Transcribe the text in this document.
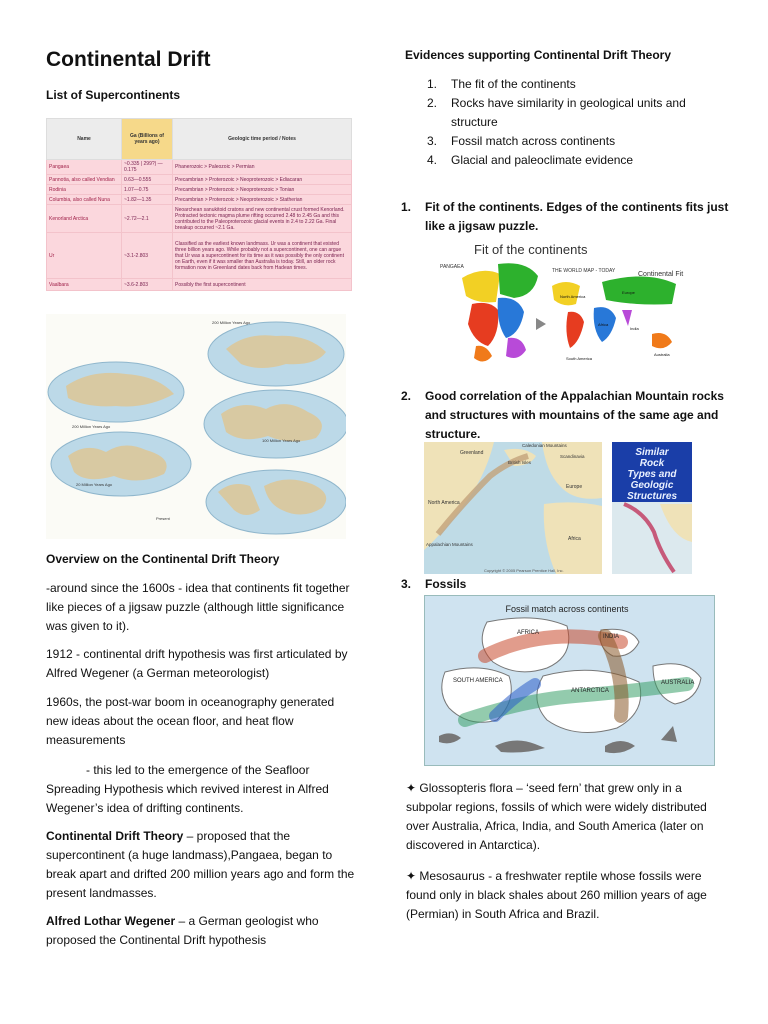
Continental Drift
List of Supercontinents
Name	Ga (Billions of years ago)	Geologic time period / Notes
Pangaea	~0.335 | 299?) —0.175	Phanerozoic > Paleozoic > Permian
Pannotia, also called Vendian	0.63—0.555	Precambrian > Proterozoic > Neoproterozoic > Ediacaran
Rodinia	1.07—0.75	Precambrian > Proterozoic > Neoproterozoic > Tonian
Columbia, also called Nuna	~1.82—1.35	Precambrian > Proterozoic > Neoproterozoic > Statherian
Kenorland Arctica	~2.72—2.1	Neoarchean sanukitoid cratons and new continental crust formed Kenorland. Protracted tectonic magma plume rifting occurred 2.48 to 2.45 Ga and this contributed to the Paleoproterozoic glacial events in 2.4 to 2.22 Ga. Final breakup occurred ~2.1 Ga.
Ur	~3.1-2.803	Classified as the earliest known landmass. Ur was a continent that existed three billion years ago. While probably not a supercontinent, one can argue that Ur was a supercontinent for its time as it was possibly the only continent on Earth, even if it was smaller than Australia is today. Still, an older rock formation now in Greenland dates back from Hadean times.
Vaalbara	~3.6-2.803	Possibly the first supercontinent
200 Million Years Ago
200 Million Years Ago
100 Million Years Ago
20 Million Years Ago
Present
Overview on the Continental Drift Theory

-around since the 1600s - idea that continents fit together like pieces of a jigsaw puzzle (although little significance was given to it).

1912 - continental drift hypothesis was first articulated by Alfred Wegener (a German meteorologist)

1960s, the post-war boom in oceanography generated new ideas about the ocean floor, and heat flow measurements

- this led to the emergence of the Seafloor Spreading Hypothesis which revived interest in Alfred Wegener’s idea of drifting continents.

Continental Drift Theory – proposed that the supercontinent (a huge landmass),Pangaea, began to break apart and drifted 200 million years ago and form the present landmasses.

Alfred Lothar Wegener – a German geologist who proposed the Continental Drift hypothesis

Evidences supporting Continental Drift Theory
1. The fit of the continents
2. Rocks have similarity in geological units and structure
3. Fossil match across continents
4. Glacial and paleoclimate evidence
1.	Fit of the continents. Edges of the continents fits just like a jigsaw puzzle.
Fit of the continents
PANGAEA
THE WORLD MAP - TODAY	Continental Fit
North America
Europe
Africa
India
South America
Australia
2.	Good correlation of the Appalachian Mountain rocks and structures with mountains of the same age and structure.
Caledonian Mountains
Greenland
British Isles
Scandinavia
Europe
North America
Africa
Appalachian Mountains
Copyright © 2005 Pearson Prentice Hall, Inc.
Similar
Rock
Types and
Geologic
Structures
3.	Fossils
Fossil match across continents
AFRICA
INDIA
SOUTH AMERICA
ANTARCTICA
AUSTRALIA

✦ Glossopteris flora – ‘seed fern’ that grew only in a subpolar regions, fossils of which were widely distributed over Australia, Africa, India, and South America (later on discovered in Antarctica).

✦ Mesosaurus - a freshwater reptile whose fossils were found only in black shales about 260 million years of age (Permian) in South Africa and Brazil.
